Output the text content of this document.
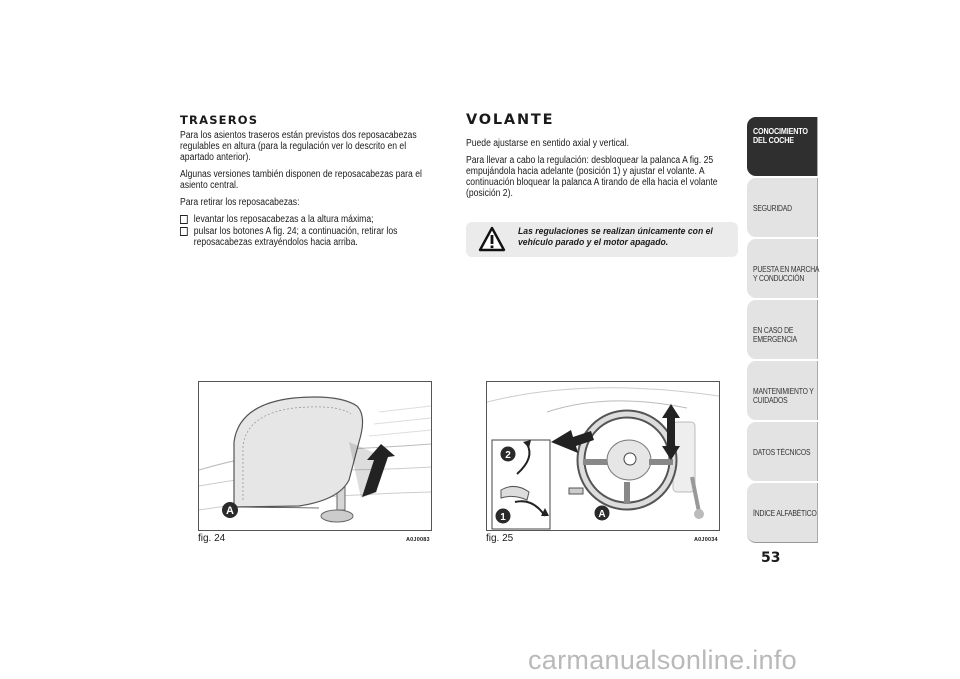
TRASEROS

Para los asientos traseros están previstos dos reposacabezas regulables en altura (para la regulación ver lo descrito en el apartado anterior).

Algunas versiones también disponen de reposacabezas para el asiento central.

Para retirar los reposacabezas:

levantar los reposacabezas a la altura máxima;
pulsar los botones A fig. 24; a continuación, retirar los reposacabezas extrayéndolos hacia arriba.
VOLANTE

Puede ajustarse en sentido axial y vertical.

Para llevar a cabo la regulación: desbloquear la palanca A fig. 25 empujándola hacia adelante (posición 1) y ajustar el volante. A continuación bloquear la palanca A tirando de ella hacia el volante (posición 2).

Las regulaciones se realizan únicamente con el vehículo parado y el motor apagado.
A
fig. 24	A0J0083
2
1	A
fig. 25	A0J0034
CONOCIMIENTO
DEL COCHE
SEGURIDAD
PUESTA EN MARCHA
Y CONDUCCIÓN
EN CASO DE
EMERGENCIA
MANTENIMIENTO Y
CUIDADOS
DATOS TÉCNICOS
ÍNDICE ALFABÉTICO
53
carmanualsonline.info
